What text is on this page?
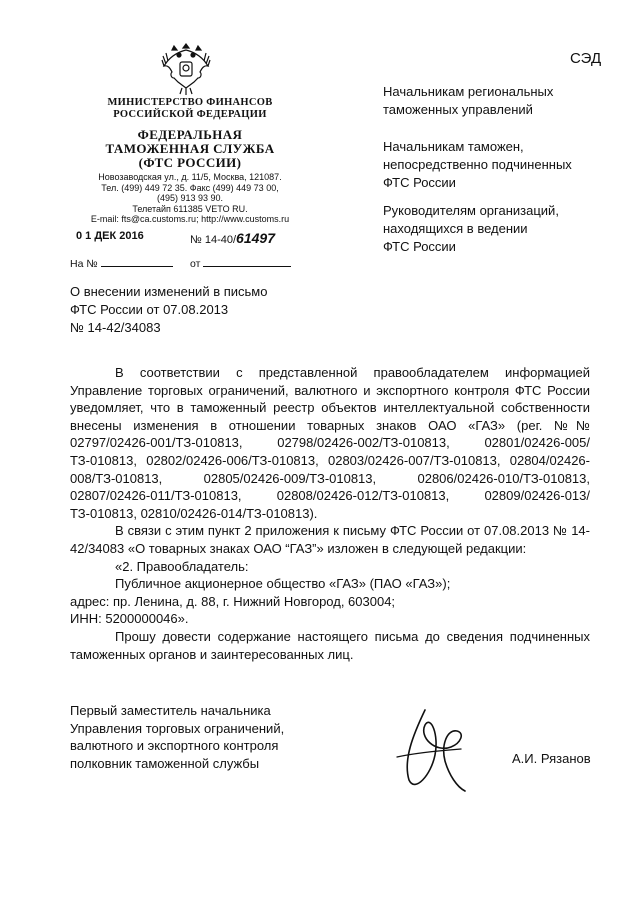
СЭД
МИНИСТЕРСТВО ФИНАНСОВ
РОССИЙСКОЙ ФЕДЕРАЦИИ
ФЕДЕРАЛЬНАЯ
ТАМОЖЕННАЯ СЛУЖБА
(ФТС РОССИИ)
Новозаводская ул., д. 11/5, Москва, 121087.
Тел. (499) 449 72 35. Факс (499) 449 73 00,
(495) 913 93 90.
Телетайп 611385 VETO RU.
E-mail: fts@ca.customs.ru; http://www.customs.ru
0 1 ДЕК 2016	№ 14-40/61497
На №	от
Начальникам региональных
таможенных управлений
Начальникам таможен,
непосредственно подчиненных
ФТС России
Руководителям организаций,
находящихся в ведении
ФТС России
О внесении изменений в письмо
ФТС России от 07.08.2013
№ 14-42/34083

В соответствии с представленной правообладателем информацией Управление торговых ограничений, валютного и экспортного контроля ФТС России уведомляет, что в таможенный реестр объектов интеллектуальной собственности внесены изменения в отношении товарных знаков ОАО «ГАЗ» (рег. №№ 02797/02426-001/ТЗ-010813, 02798/02426-002/ТЗ-010813, 02801/02426-005/ТЗ-010813, 02802/02426-006/ТЗ-010813, 02803/02426-007/ТЗ-010813, 02804/02426-008/ТЗ-010813, 02805/02426-009/ТЗ-010813, 02806/02426-010/ТЗ-010813, 02807/02426-011/ТЗ-010813, 02808/02426-012/ТЗ-010813, 02809/02426-013/ТЗ-010813, 02810/02426-014/ТЗ-010813).

В связи с этим пункт 2 приложения к письму ФТС России от 07.08.2013 № 14-42/34083 «О товарных знаках ОАО “ГАЗ”» изложен в следующей редакции:

«2. Правообладатель:

Публичное акционерное общество «ГАЗ» (ПАО «ГАЗ»);

адрес: пр. Ленина, д. 88, г. Нижний Новгород, 603004;

ИНН: 5200000046».

Прошу довести содержание настоящего письма до сведения подчиненных таможенных органов и заинтересованных лиц.

Первый заместитель начальника
Управления торговых ограничений,
валютного и экспортного контроля
полковник таможенной службы	А.И. Рязанов
